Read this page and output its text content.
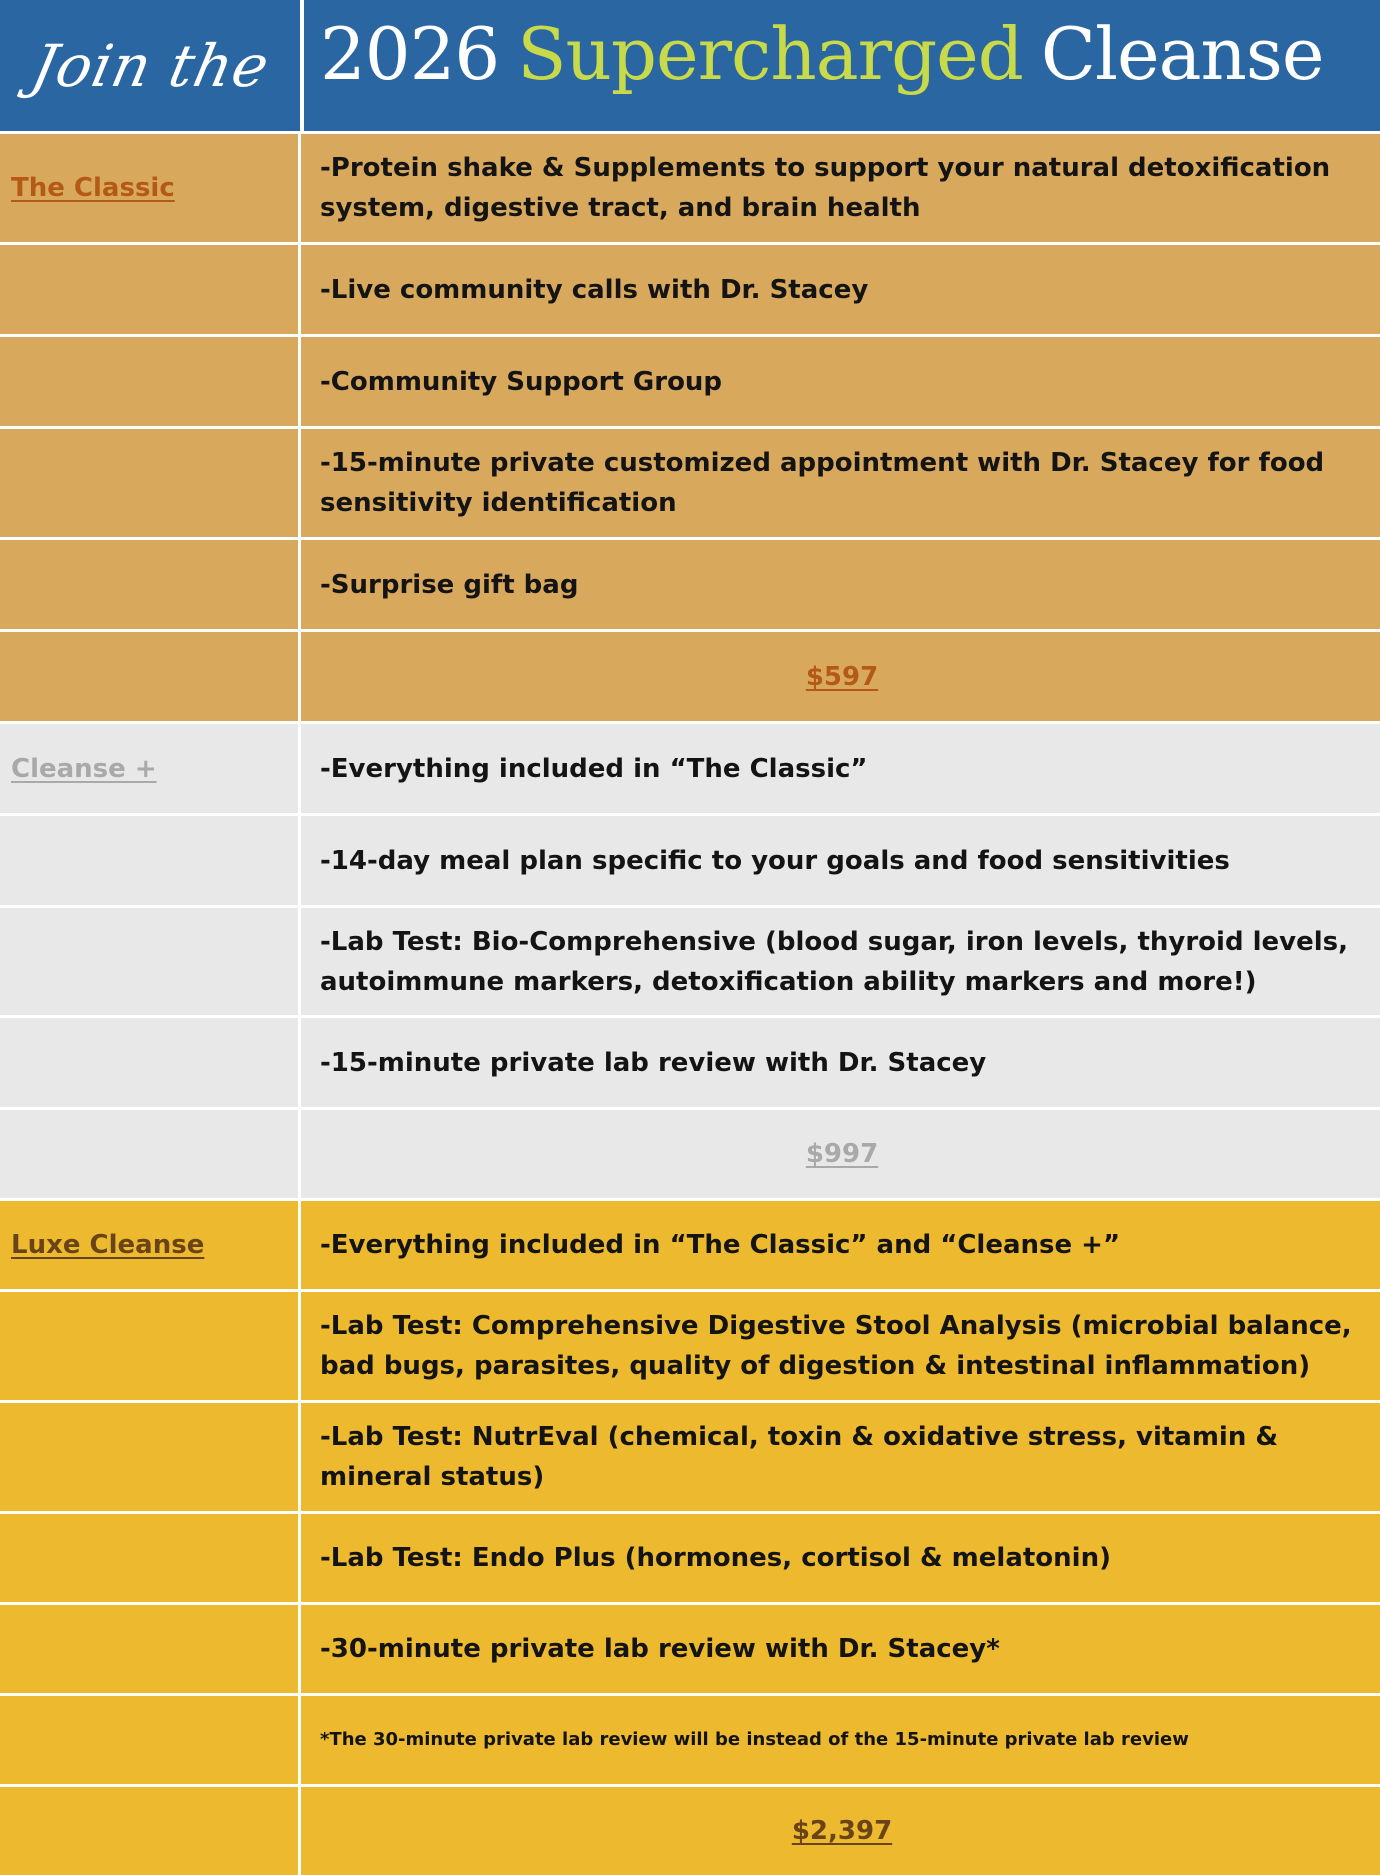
Join the 2026 Supercharged Cleanse
The Classic
-Protein shake & Supplements to support your natural detoxification system, digestive tract, and brain health
-Live community calls with Dr. Stacey
-Community Support Group
-15-minute private customized appointment with Dr. Stacey for food sensitivity identification
-Surprise gift bag
$597
Cleanse +	-Everything included in “The Classic”
-14-day meal plan specific to your goals and food sensitivities
-Lab Test: Bio-Comprehensive (blood sugar, iron levels, thyroid levels, autoimmune markers, detoxification ability markers and more!)
-15-minute private lab review with Dr. Stacey
$997
Luxe Cleanse	-Everything included in “The Classic” and “Cleanse +”
-Lab Test: Comprehensive Digestive Stool Analysis (microbial balance, bad bugs, parasites, quality of digestion & intestinal inflammation)
-Lab Test: NutrEval (chemical, toxin & oxidative stress, vitamin & mineral status)
-Lab Test: Endo Plus (hormones, cortisol & melatonin)
-30-minute private lab review with Dr. Stacey*
*The 30-minute private lab review will be instead of the 15-minute private lab review
$2,397
